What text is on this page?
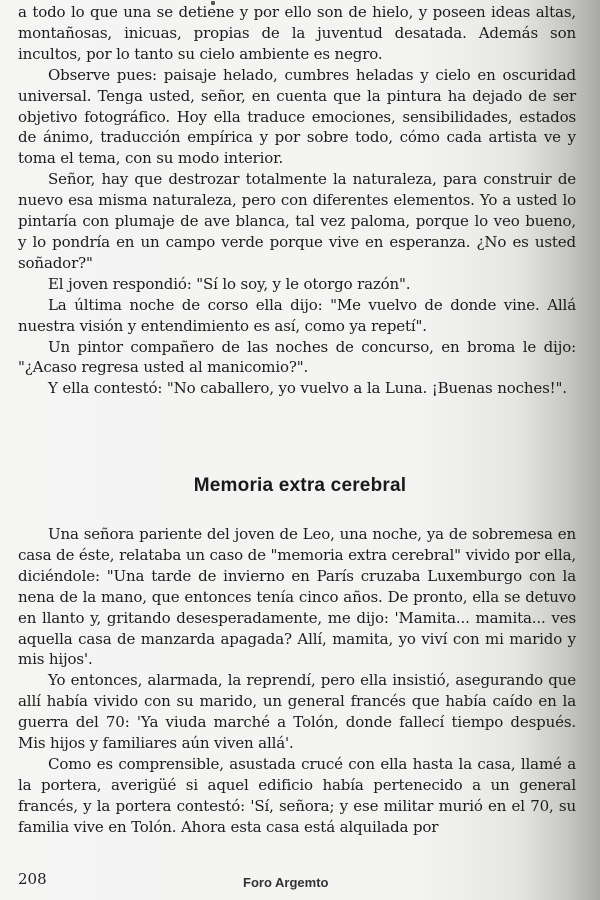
a todo lo que una se detiene y por ello son de hielo, y poseen ideas altas, montañosas, inicuas, propias de la juventud desatada. Además son incultos, por lo tanto su cielo ambiente es negro.

Observe pues: paisaje helado, cumbres heladas y cielo en oscuridad universal. Tenga usted, señor, en cuenta que la pintura ha dejado de ser objetivo fotográfico. Hoy ella traduce emociones, sensibilidades, estados de ánimo, traducción empírica y por sobre todo, cómo cada artista ve y toma el tema, con su modo interior.

Señor, hay que destrozar totalmente la naturaleza, para construir de nuevo esa misma naturaleza, pero con diferentes elementos. Yo a usted lo pintaría con plumaje de ave blanca, tal vez paloma, porque lo veo bueno, y lo pondría en un campo verde porque vive en esperanza. ¿No es usted soñador?"

El joven respondió: "Sí lo soy, y le otorgo razón".

La última noche de corso ella dijo: "Me vuelvo de donde vine. Allá nuestra visión y entendimiento es así, como ya repetí".

Un pintor compañero de las noches de concurso, en broma le dijo: "¿Acaso regresa usted al manicomio?".

Y ella contestó: "No caballero, yo vuelvo a la Luna. ¡Buenas noches!".

Memoria extra cerebral

Una señora pariente del joven de Leo, una noche, ya de sobremesa en casa de éste, relataba un caso de "memoria extra cerebral" vivido por ella, diciéndole: "Una tarde de invierno en París cruzaba Luxemburgo con la nena de la mano, que entonces tenía cinco años. De pronto, ella se detuvo en llanto y, gritando desesperadamente, me dijo: 'Mamita... mamita... ves aquella casa de manzarda apagada? Allí, mamita, yo viví con mi marido y mis hijos'.

Yo entonces, alarmada, la reprendí, pero ella insistió, asegurando que allí había vivido con su marido, un general francés que había caído en la guerra del 70: 'Ya viuda marché a Tolón, donde fallecí tiempo después. Mis hijos y familiares aún viven allá'.

Como es comprensible, asustada crucé con ella hasta la casa, llamé a la portera, averigüé si aquel edificio había pertenecido a un general francés, y la portera contestó: 'Sí, señora; y ese militar murió en el 70, su familia vive en Tolón. Ahora esta casa está alquilada por

208	Foro Argemto
